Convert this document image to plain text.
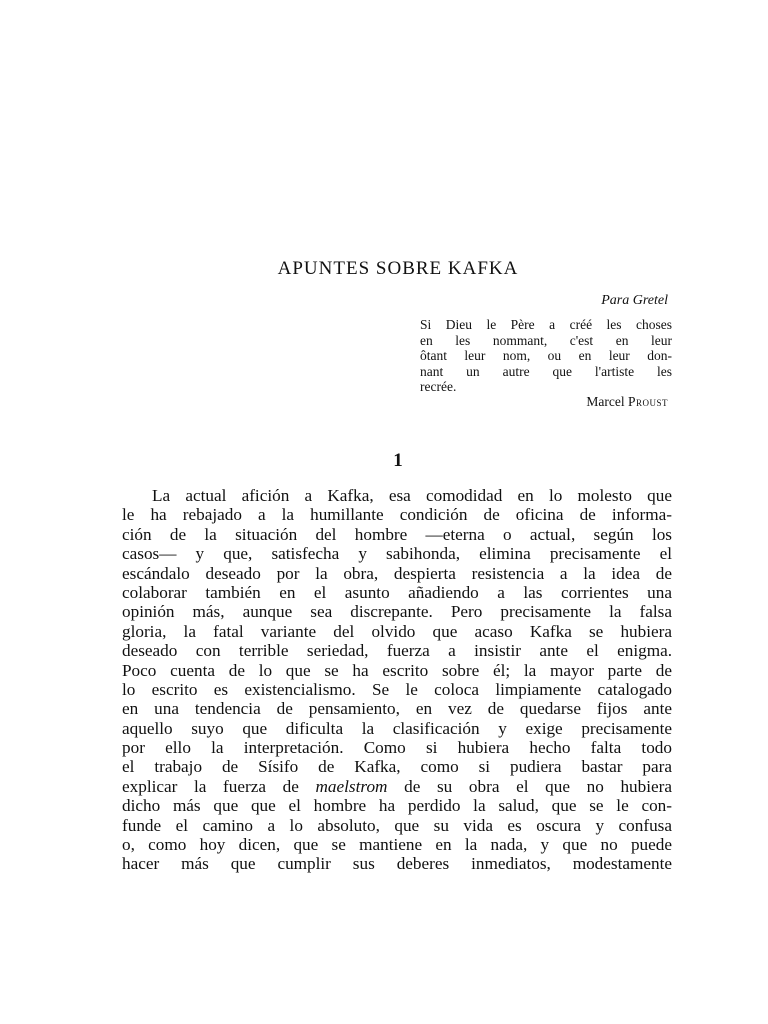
APUNTES SOBRE KAFKA
Para Gretel
Si Dieu le Père a créé les choses
en les nommant, c'est en leur
ôtant leur nom, ou en leur don-
nant un autre que l'artiste les
recrée.
Marcel Proust
1
La actual afición a Kafka, esa comodidad en lo molesto que
le ha rebajado a la humillante condición de oficina de informa-
ción de la situación del hombre —eterna o actual, según los
casos— y que, satisfecha y sabihonda, elimina precisamente el
escándalo deseado por la obra, despierta resistencia a la idea de
colaborar también en el asunto añadiendo a las corrientes una
opinión más, aunque sea discrepante. Pero precisamente la falsa
gloria, la fatal variante del olvido que acaso Kafka se hubiera
deseado con terrible seriedad, fuerza a insistir ante el enigma.
Poco cuenta de lo que se ha escrito sobre él; la mayor parte de
lo escrito es existencialismo. Se le coloca limpiamente catalogado
en una tendencia de pensamiento, en vez de quedarse fijos ante
aquello suyo que dificulta la clasificación y exige precisamente
por ello la interpretación. Como si hubiera hecho falta todo
el trabajo de Sísifo de Kafka, como si pudiera bastar para
explicar la fuerza de maelstrom de su obra el que no hubiera
dicho más que que el hombre ha perdido la salud, que se le con-
funde el camino a lo absoluto, que su vida es oscura y confusa
o, como hoy dicen, que se mantiene en la nada, y que no puede
hacer más que cumplir sus deberes inmediatos, modestamente
